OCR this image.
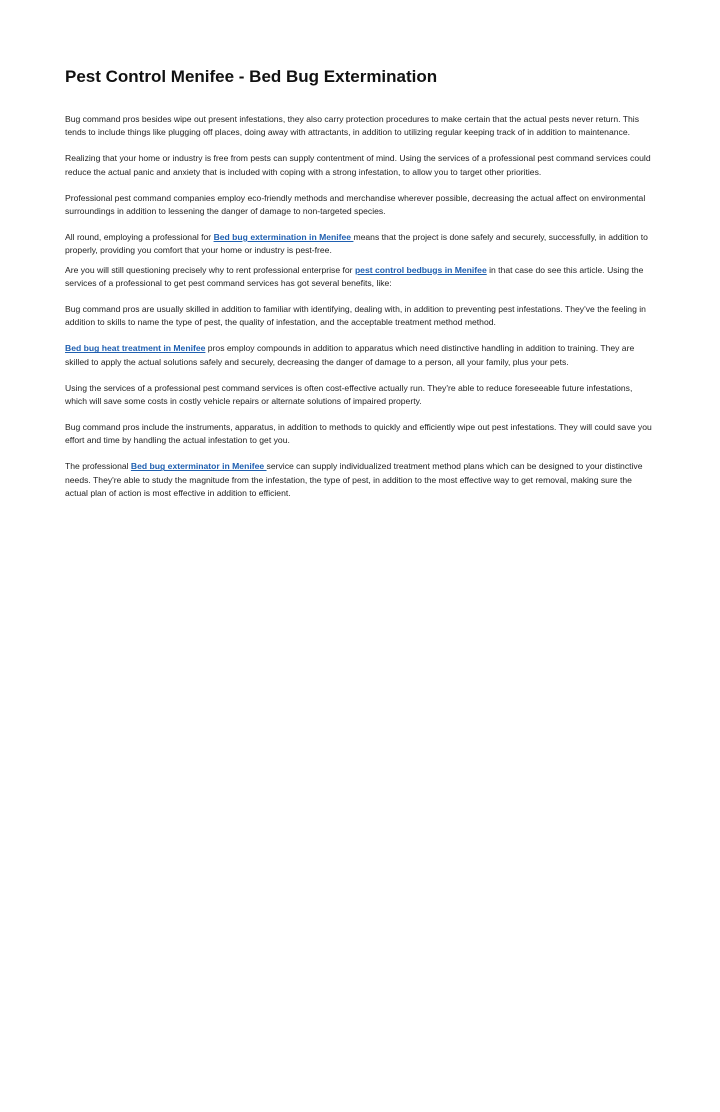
Pest Control Menifee - Bed Bug Extermination

Bug command pros besides wipe out present infestations, they also carry protection procedures to make certain that the actual pests never return. This tends to include things like plugging off places, doing away with attractants, in addition to utilizing regular keeping track of in addition to maintenance.

Realizing that your home or industry is free from pests can supply contentment of mind. Using the services of a professional pest command services could reduce the actual panic and anxiety that is included with coping with a strong infestation, to allow you to target other priorities.

Professional pest command companies employ eco-friendly methods and merchandise wherever possible, decreasing the actual affect on environmental surroundings in addition to lessening the danger of damage to non-targeted species.

All round, employing a professional for Bed bug extermination in Menifee means that the project is done safely and securely, successfully, in addition to properly, providing you comfort that your home or industry is pest-free.

Are you will still questioning precisely why to rent professional enterprise for pest control bedbugs in Menifee in that case do see this article. Using the services of a professional to get pest command services has got several benefits, like:

Bug command pros are usually skilled in addition to familiar with identifying, dealing with, in addition to preventing pest infestations. They've the feeling in addition to skills to name the type of pest, the quality of infestation, and the acceptable treatment method method.

Bed bug heat treatment in Menifee pros employ compounds in addition to apparatus which need distinctive handling in addition to training. They are skilled to apply the actual solutions safely and securely, decreasing the danger of damage to a person, all your family, plus your pets.

Using the services of a professional pest command services is often cost-effective actually run. They're able to reduce foreseeable future infestations, which will save some costs in costly vehicle repairs or alternate solutions of impaired property.

Bug command pros include the instruments, apparatus, in addition to methods to quickly and efficiently wipe out pest infestations. They will could save you effort and time by handling the actual infestation to get you.

The professional Bed bug exterminator in Menifee service can supply individualized treatment method plans which can be designed to your distinctive needs. They're able to study the magnitude from the infestation, the type of pest, in addition to the most effective way to get removal, making sure the actual plan of action is most effective in addition to efficient.
